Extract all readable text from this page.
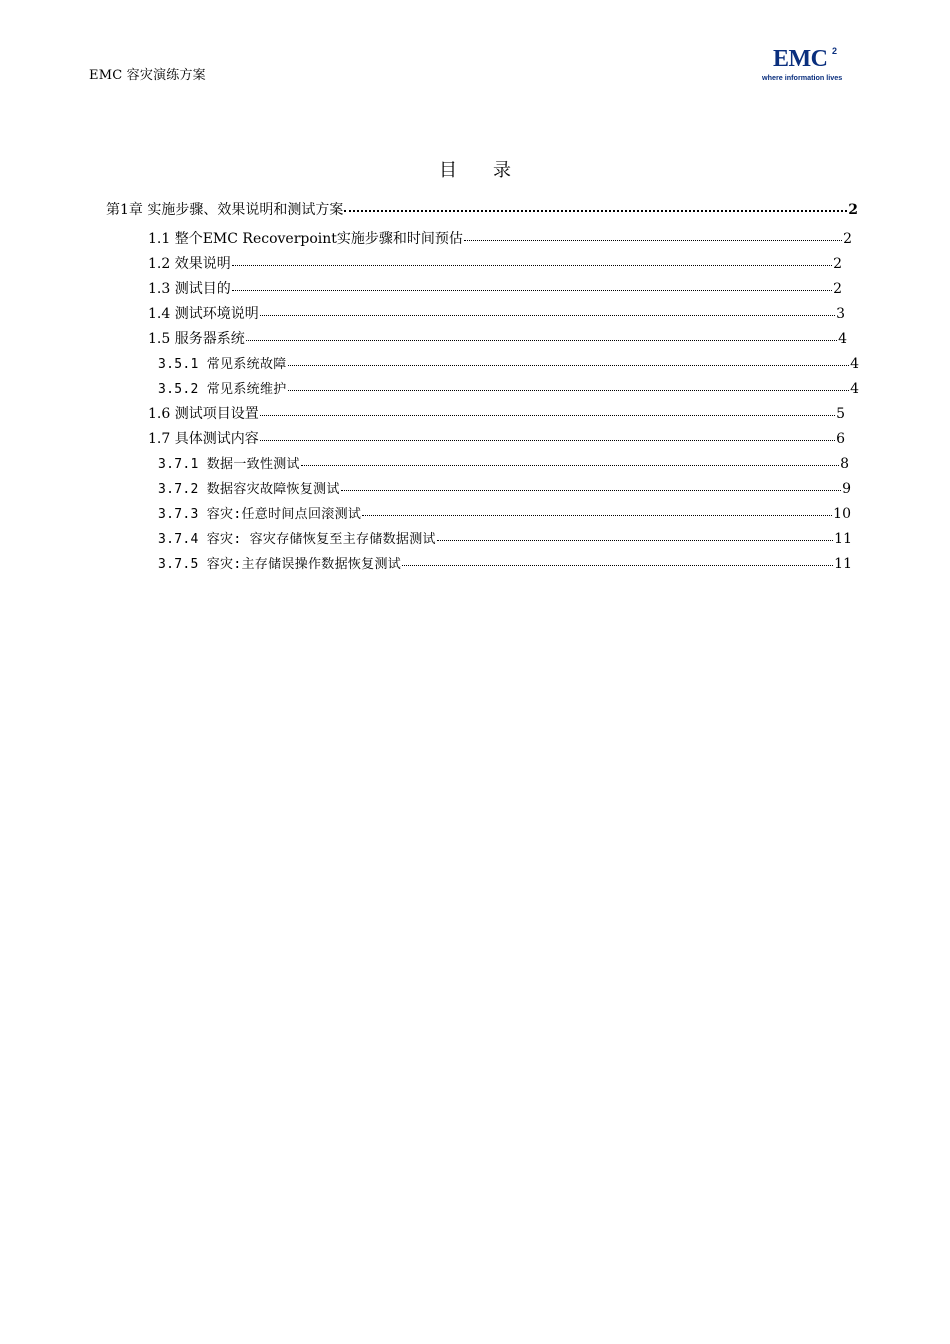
EMC 容灾演练方案
EMC 2
where information lives
目录
第1章 实施步骤、效果说明和测试方案	2
1.1 整个EMC Recoverpoint实施步骤和时间预估	2
1.2 效果说明	2
1.3 测试目的	2
1.4 测试环境说明	3
1.5 服务器系统	4
3.5.1 常见系统故障	4
3.5.2 常见系统维护	4
1.6 测试项目设置	5
1.7 具体测试内容	6
3.7.1 数据一致性测试	8
3.7.2 数据容灾故障恢复测试	9
3.7.3 容灾:任意时间点回滚测试	10
3.7.4 容灾: 容灾存储恢复至主存储数据测试	11
3.7.5 容灾:主存储误操作数据恢复测试	11
